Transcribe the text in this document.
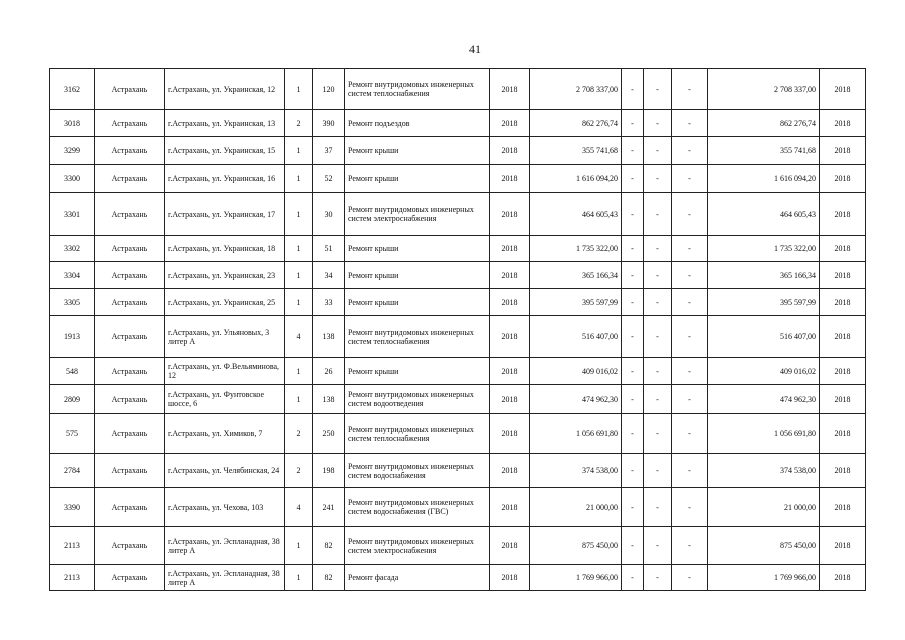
41
3162	Астрахань	г.Астрахань, ул. Украинская, 12	1	120	Ремонт внутридомовых инженерных систем теплоснабжения	2018	2 708 337,00	-	-	-	2 708 337,00	2018
3018	Астрахань	г.Астрахань, ул. Украинская, 13	2	390	Ремонт подъездов	2018	862 276,74	-	-	-	862 276,74	2018
3299	Астрахань	г.Астрахань, ул. Украинская, 15	1	37	Ремонт крыши	2018	355 741,68	-	-	-	355 741,68	2018
3300	Астрахань	г.Астрахань, ул. Украинская, 16	1	52	Ремонт крыши	2018	1 616 094,20	-	-	-	1 616 094,20	2018
3301	Астрахань	г.Астрахань, ул. Украинская, 17	1	30	Ремонт внутридомовых инженерных систем электроснабжения	2018	464 605,43	-	-	-	464 605,43	2018
3302	Астрахань	г.Астрахань, ул. Украинская, 18	1	51	Ремонт крыши	2018	1 735 322,00	-	-	-	1 735 322,00	2018
3304	Астрахань	г.Астрахань, ул. Украинская, 23	1	34	Ремонт крыши	2018	365 166,34	-	-	-	365 166,34	2018
3305	Астрахань	г.Астрахань, ул. Украинская, 25	1	33	Ремонт крыши	2018	395 597,99	-	-	-	395 597,99	2018
1913	Астрахань	г.Астрахань, ул. Ульяновых, 3 литер А	4	138	Ремонт внутридомовых инженерных систем теплоснабжения	2018	516 407,00	-	-	-	516 407,00	2018
548	Астрахань	г.Астрахань, ул. Ф.Вельяминова, 12	1	26	Ремонт крыши	2018	409 016,02	-	-	-	409 016,02	2018
2809	Астрахань	г.Астрахань, ул. Фунтовское шоссе, 6	1	138	Ремонт внутридомовых инженерных систем водоотведения	2018	474 962,30	-	-	-	474 962,30	2018
575	Астрахань	г.Астрахань, ул. Химиков, 7	2	250	Ремонт внутридомовых инженерных систем теплоснабжения	2018	1 056 691,80	-	-	-	1 056 691,80	2018
2784	Астрахань	г.Астрахань, ул. Челябинская, 24	2	198	Ремонт внутридомовых инженерных систем водоснабжения	2018	374 538,00	-	-	-	374 538,00	2018
3390	Астрахань	г.Астрахань, ул. Чехова, 103	4	241	Ремонт внутридомовых инженерных систем водоснабжения (ГВС)	2018	21 000,00	-	-	-	21 000,00	2018
2113	Астрахань	г.Астрахань, ул. Эспланадная, 38 литер А	1	82	Ремонт внутридомовых инженерных систем электроснабжения	2018	875 450,00	-	-	-	875 450,00	2018
2113	Астрахань	г.Астрахань, ул. Эспланадная, 38 литер А	1	82	Ремонт фасада	2018	1 769 966,00	-	-	-	1 769 966,00	2018
